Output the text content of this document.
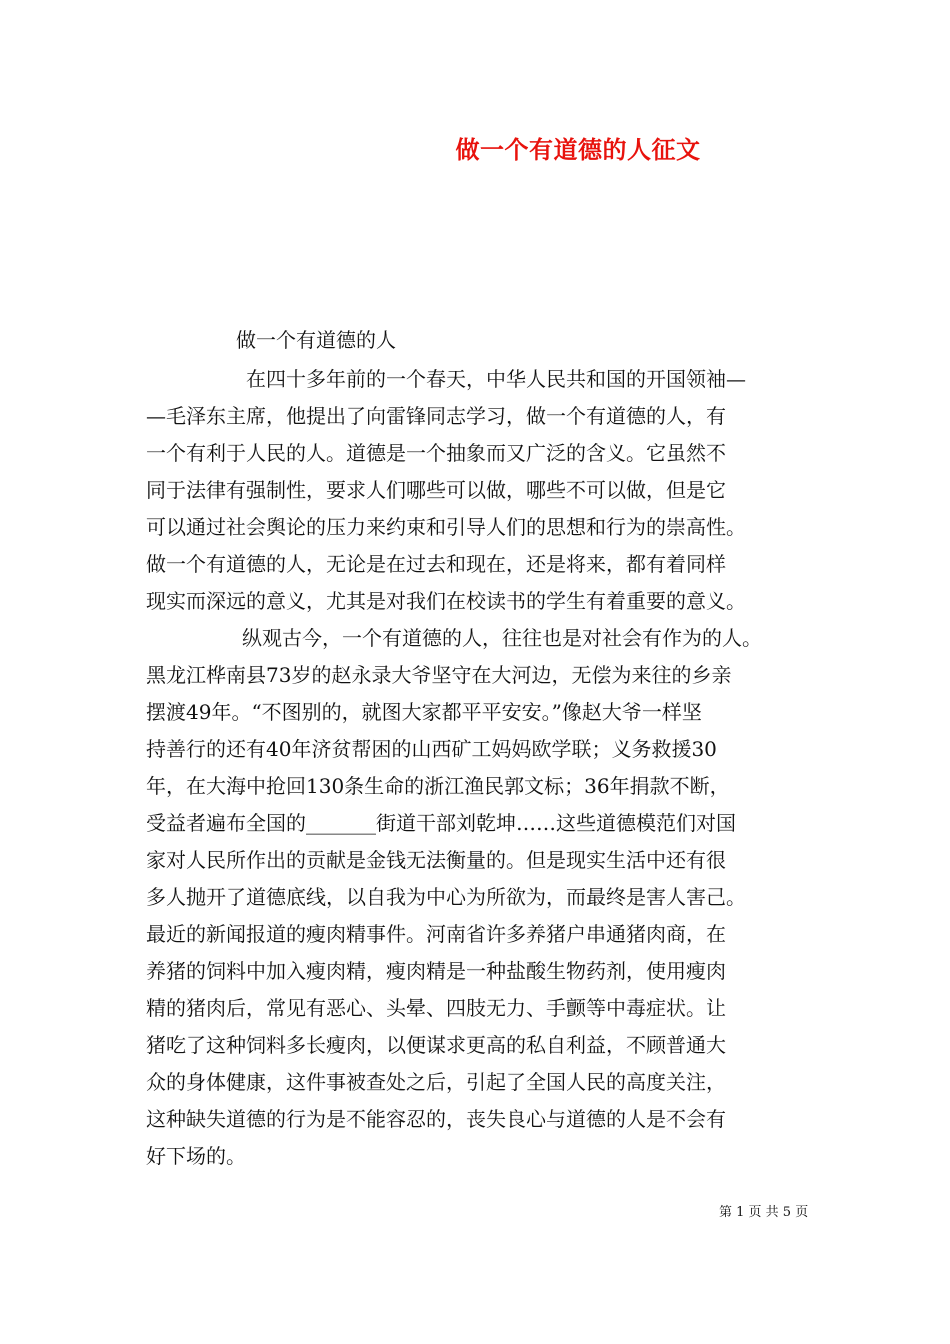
做一个有道德的人征文
做一个有道德的人
在四十多年前的一个春天，中华人民共和国的开国领袖—
—毛泽东主席，他提出了向雷锋同志学习，做一个有道德的人，有
一个有利于人民的人。道德是一个抽象而又广泛的含义。它虽然不
同于法律有强制性，要求人们哪些可以做，哪些不可以做，但是它
可以通过社会舆论的压力来约束和引导人们的思想和行为的崇高性。
做一个有道德的人，无论是在过去和现在，还是将来，都有着同样
现实而深远的意义，尤其是对我们在校读书的学生有着重要的意义。
纵观古今，一个有道德的人，往往也是对社会有作为的人。
黑龙江桦南县73岁的赵永录大爷坚守在大河边，无偿为来往的乡亲
摆渡49年。“不图别的，就图大家都平平安安。”像赵大爷一样坚
持善行的还有40年济贫帮困的山西矿工妈妈欧学联；义务救援30
年，在大海中抢回130条生命的浙江渔民郭文标；36年捐款不断，
受益者遍布全国的_______街道干部刘乾坤……这些道德模范们对国
家对人民所作出的贡献是金钱无法衡量的。但是现实生活中还有很
多人抛开了道德底线，以自我为中心为所欲为，而最终是害人害己。
最近的新闻报道的瘦肉精事件。河南省许多养猪户串通猪肉商，在
养猪的饲料中加入瘦肉精，瘦肉精是一种盐酸生物药剂，使用瘦肉
精的猪肉后，常见有恶心、头晕、四肢无力、手颤等中毒症状。让
猪吃了这种饲料多长瘦肉，以便谋求更高的私自利益，不顾普通大
众的身体健康，这件事被查处之后，引起了全国人民的高度关注，
这种缺失道德的行为是不能容忍的，丧失良心与道德的人是不会有
好下场的。
第 1 页 共 5 页
